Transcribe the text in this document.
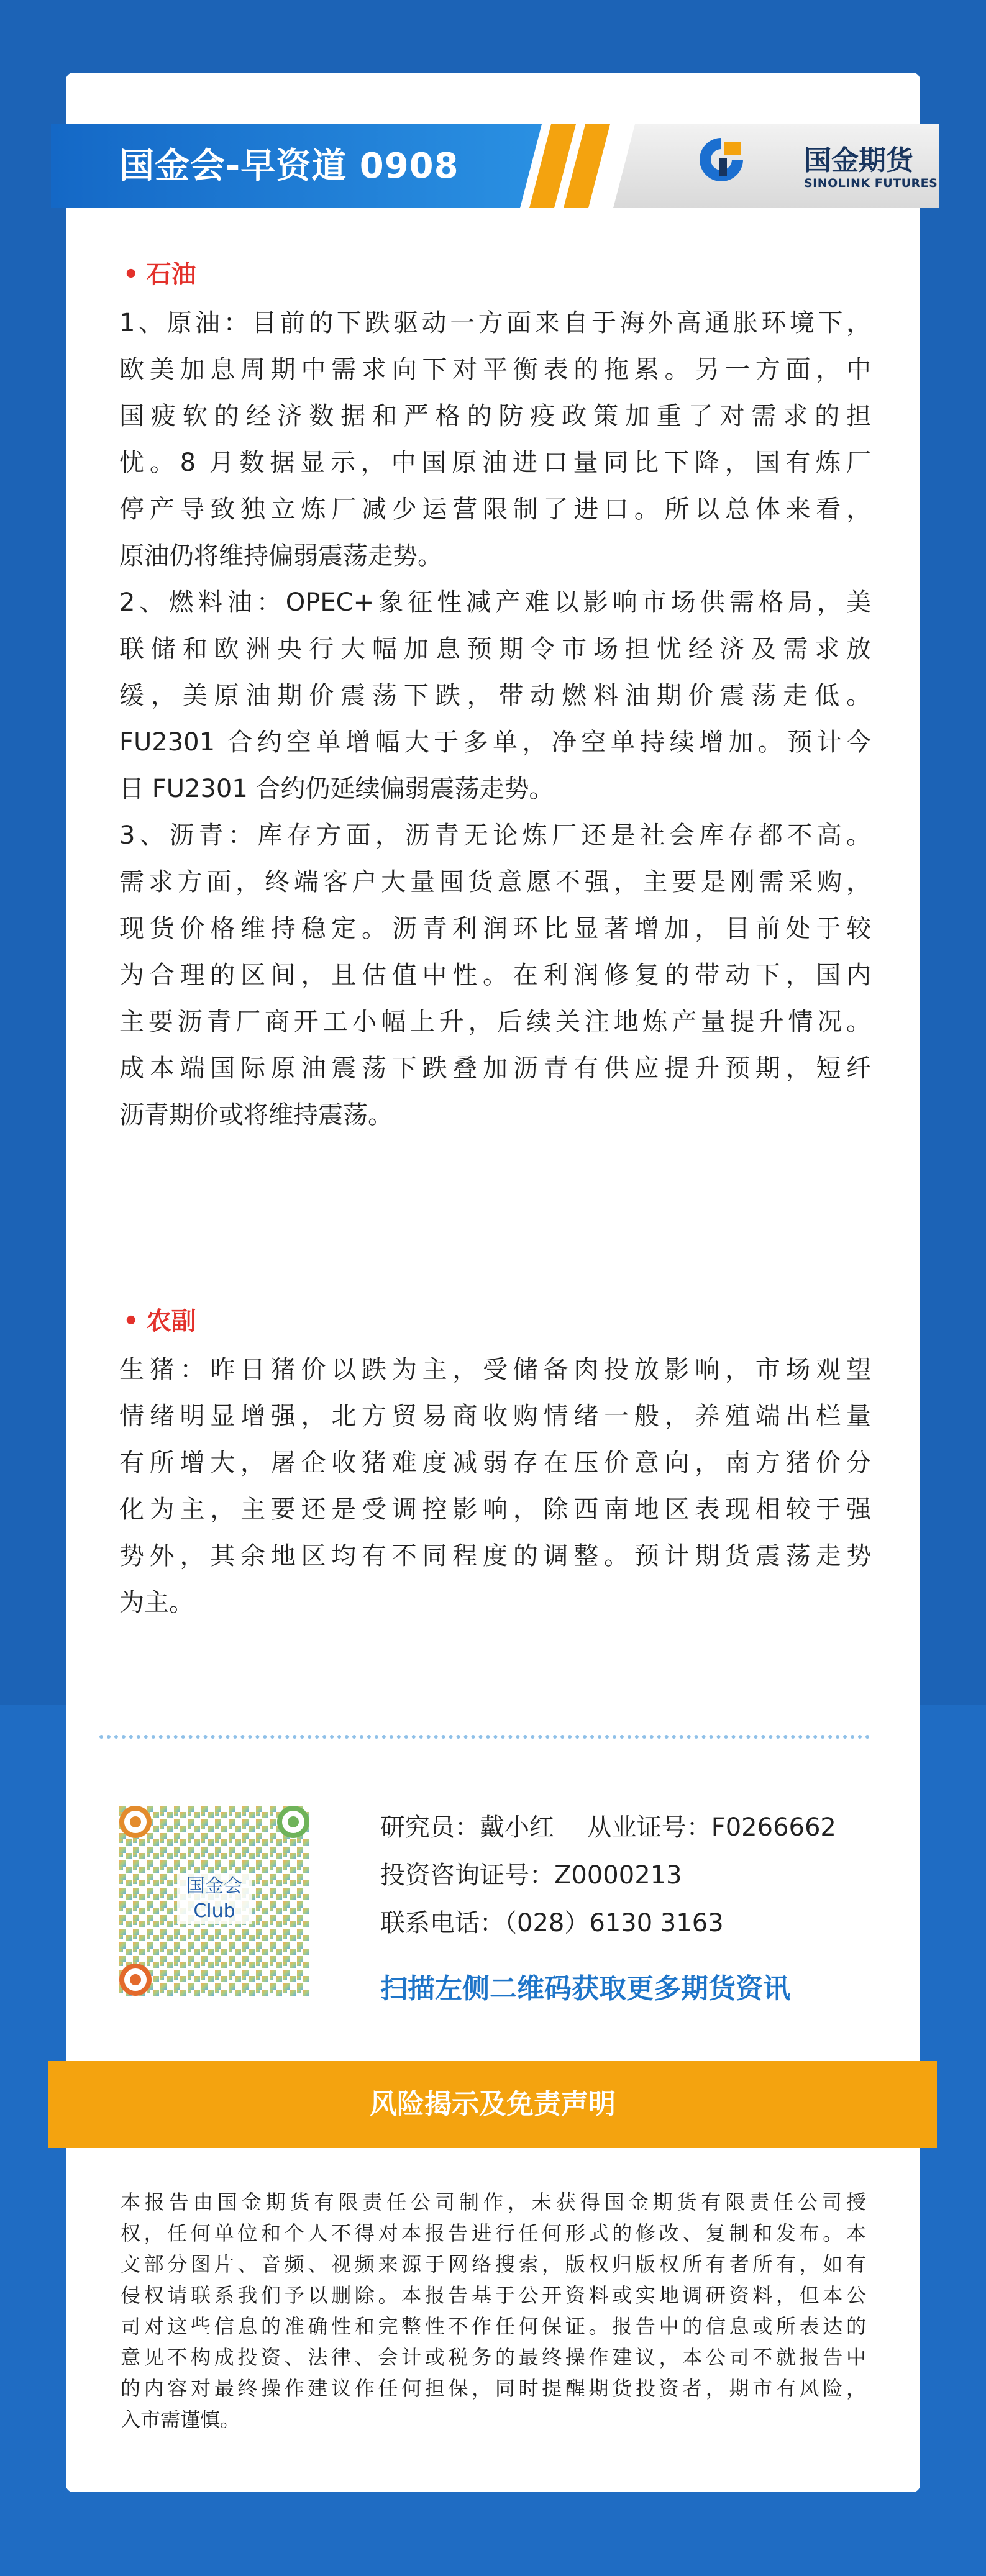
国金会-早资道 0908	国金期货
SINOLINK FUTURES
• 石油
1、原油：目前的下跌驱动一方面来自于海外高通胀环境下，
欧美加息周期中需求向下对平衡表的拖累。另一方面，中
国疲软的经济数据和严格的防疫政策加重了对需求的担
忧。8 月数据显示，中国原油进口量同比下降，国有炼厂
停产导致独立炼厂减少运营限制了进口。所以总体来看，
原油仍将维持偏弱震荡走势。
2、燃料油：OPEC+象征性减产难以影响市场供需格局，美
联储和欧洲央行大幅加息预期令市场担忧经济及需求放
缓，美原油期价震荡下跌，带动燃料油期价震荡走低。
FU2301 合约空单增幅大于多单，净空单持续增加。预计今
日 FU2301 合约仍延续偏弱震荡走势。
3、沥青：库存方面，沥青无论炼厂还是社会库存都不高。
需求方面，终端客户大量囤货意愿不强，主要是刚需采购，
现货价格维持稳定。沥青利润环比显著增加，目前处于较
为合理的区间，且估值中性。在利润修复的带动下，国内
主要沥青厂商开工小幅上升，后续关注地炼产量提升情况。
成本端国际原油震荡下跌叠加沥青有供应提升预期，短纤
沥青期价或将维持震荡。
• 农副
生猪：昨日猪价以跌为主，受储备肉投放影响，市场观望
情绪明显增强，北方贸易商收购情绪一般，养殖端出栏量
有所增大，屠企收猪难度减弱存在压价意向，南方猪价分
化为主，主要还是受调控影响，除西南地区表现相较于强
势外，其余地区均有不同程度的调整。预计期货震荡走势
为主。
国金会
Club
研究员：戴小红　 从业证号：F0266662
投资咨询证号：Z0000213
联系电话：（028）6130 3163
扫描左侧二维码获取更多期货资讯
风险揭示及免责声明
本报告由国金期货有限责任公司制作，未获得国金期货有限责任公司授
权，任何单位和个人不得对本报告进行任何形式的修改、复制和发布。本
文部分图片、音频、视频来源于网络搜索，版权归版权所有者所有，如有
侵权请联系我们予以删除。本报告基于公开资料或实地调研资料，但本公
司对这些信息的准确性和完整性不作任何保证。报告中的信息或所表达的
意见不构成投资、法律、会计或税务的最终操作建议，本公司不就报告中
的内容对最终操作建议作任何担保，同时提醒期货投资者，期市有风险，
入市需谨慎。
